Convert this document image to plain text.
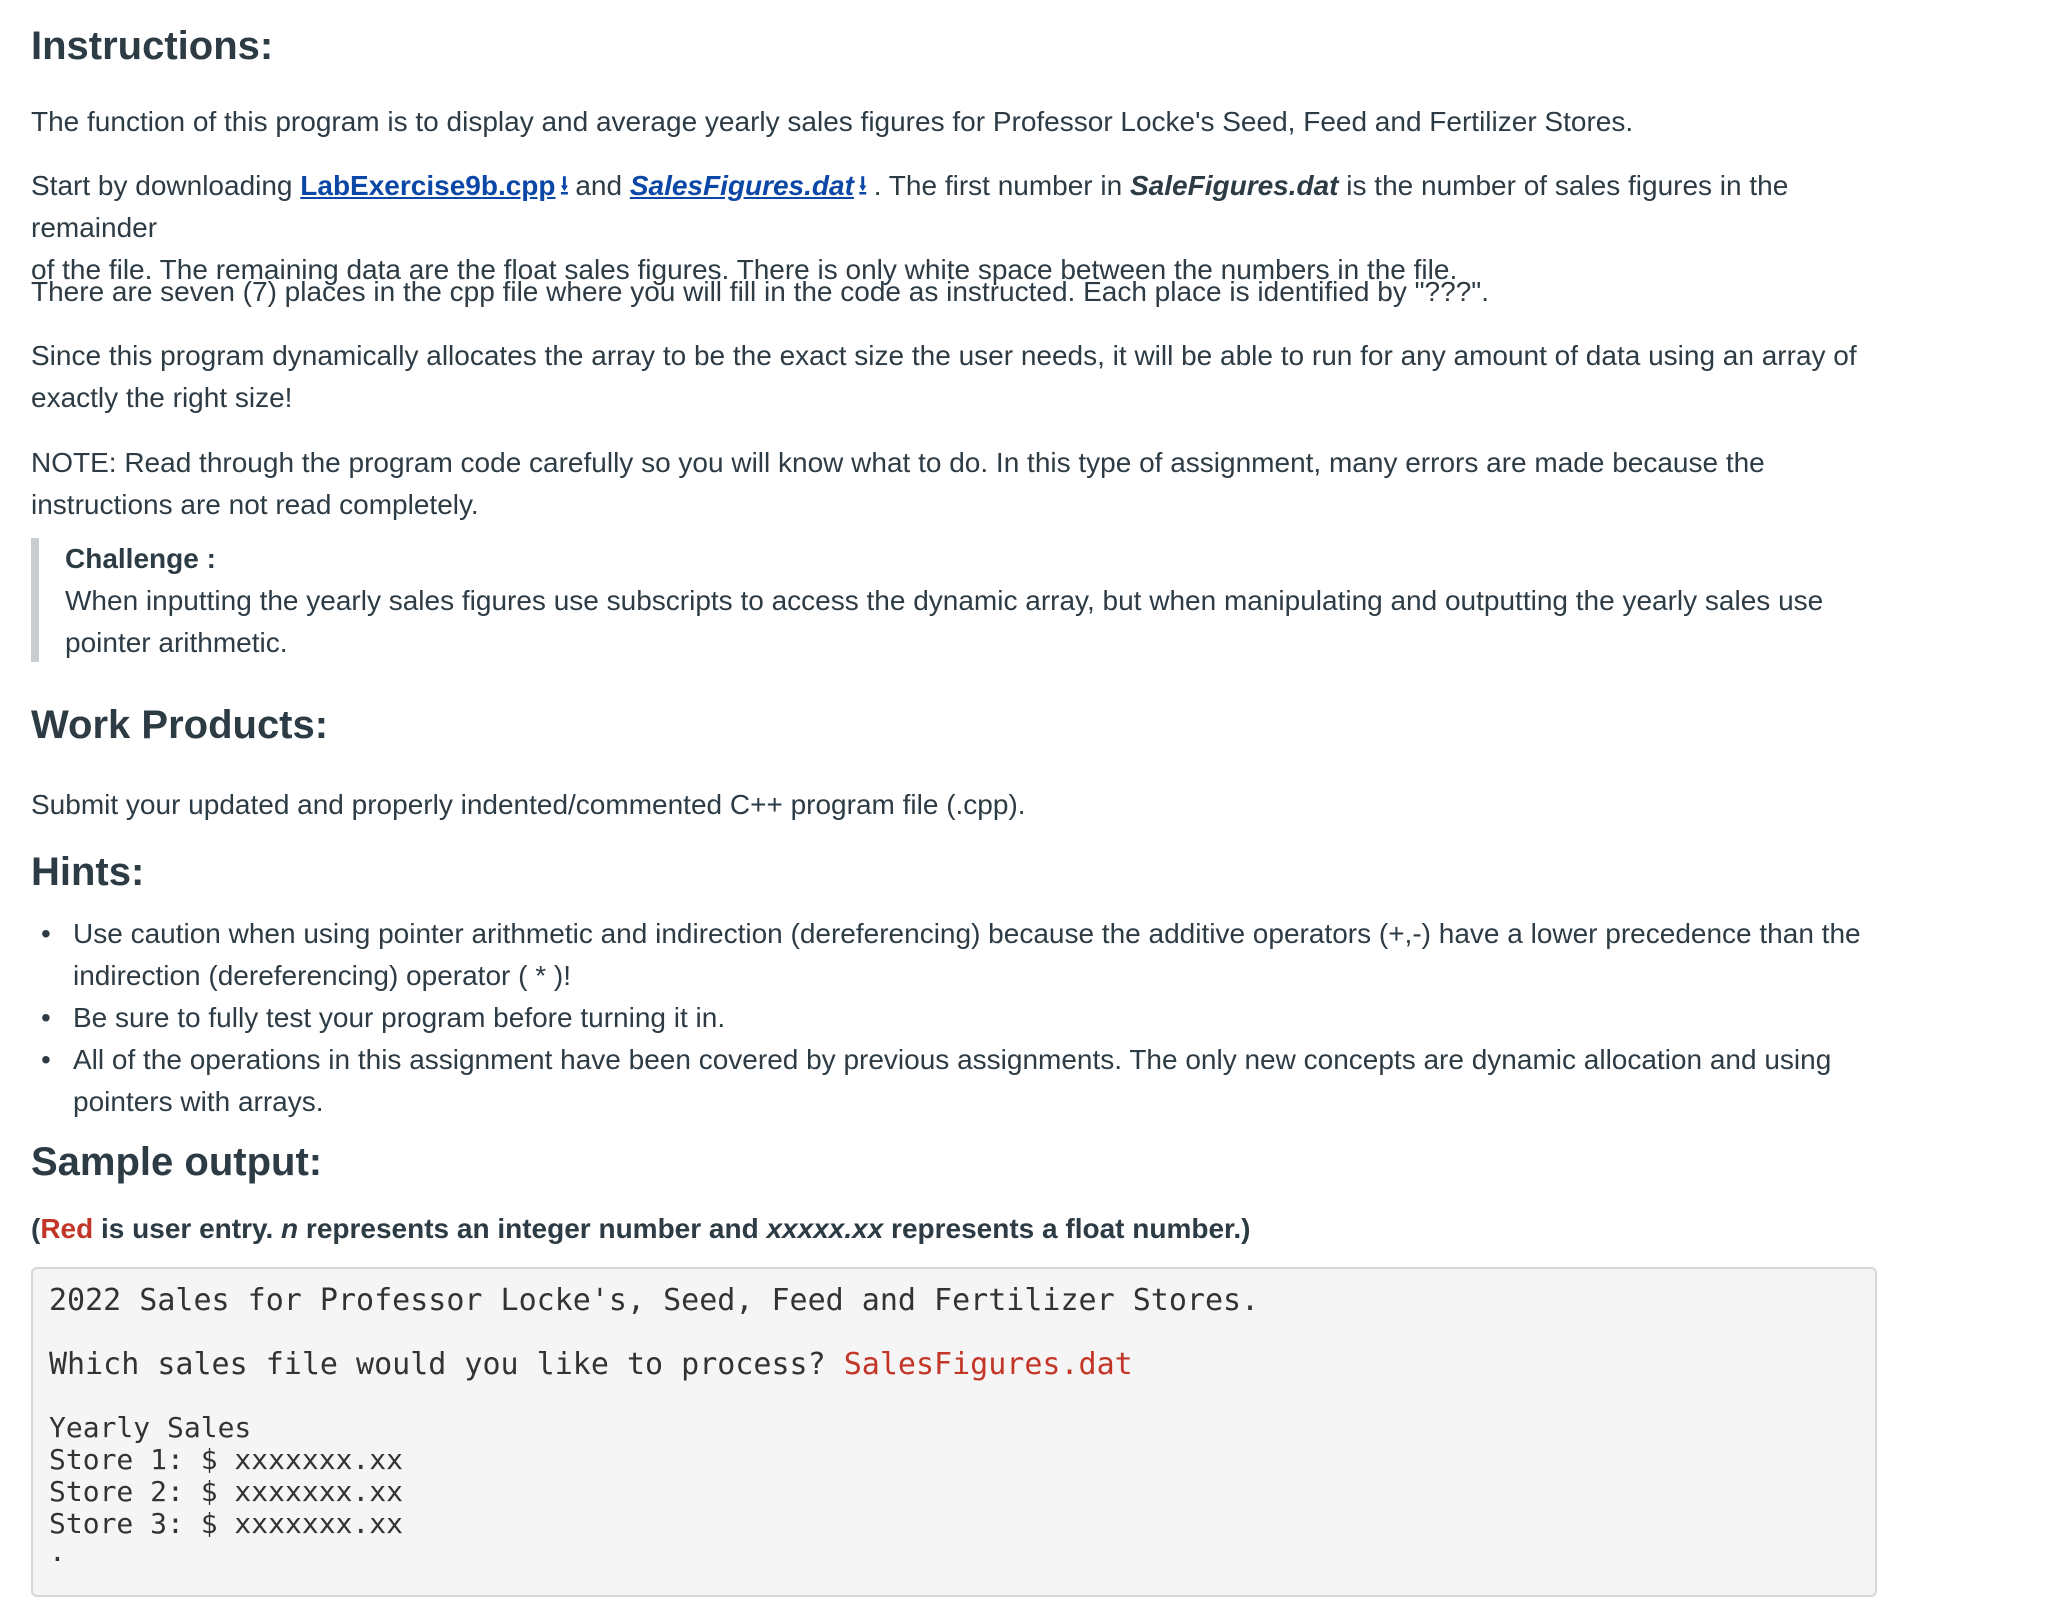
Instructions:

The function of this program is to display and average yearly sales figures for Professor Locke's Seed, Feed and Fertilizer Stores.

Start by downloading LabExercise9b.cpp ⭳ and SalesFigures.dat ⭳ . The first number in SaleFigures.dat is the number of sales figures in the remainder
of the file. The remaining data are the float sales figures. There is only white space between the numbers in the file.

There are seven (7) places in the cpp file where you will fill in the code as instructed. Each place is identified by "???".

Since this program dynamically allocates the array to be the exact size the user needs, it will be able to run for any amount of data using an array of
exactly the right size!

NOTE: Read through the program code carefully so you will know what to do. In this type of assignment, many errors are made because the
instructions are not read completely.

Challenge :
When inputting the yearly sales figures use subscripts to access the dynamic array, but when manipulating and outputting the yearly sales use
pointer arithmetic.
Work Products:

Submit your updated and properly indented/commented C++ program file (.cpp).

Hints:
• Use caution when using pointer arithmetic and indirection (dereferencing) because the additive operators (+,-) have a lower precedence than the
indirection (dereferencing) operator ( * )!
• Be sure to fully test your program before turning it in.
• All of the operations in this assignment have been covered by previous assignments. The only new concepts are dynamic allocation and using
pointers with arrays.
Sample output:
(Red is user entry. n represents an integer number and xxxxx.xx represents a float number.)
2022 Sales for Professor Locke's, Seed, Feed and Fertilizer Stores.
Which sales file would you like to process? SalesFigures.dat
Yearly Sales
Store 1: $ xxxxxxx.xx
Store 2: $ xxxxxxx.xx
Store 3: $ xxxxxxx.xx
.
